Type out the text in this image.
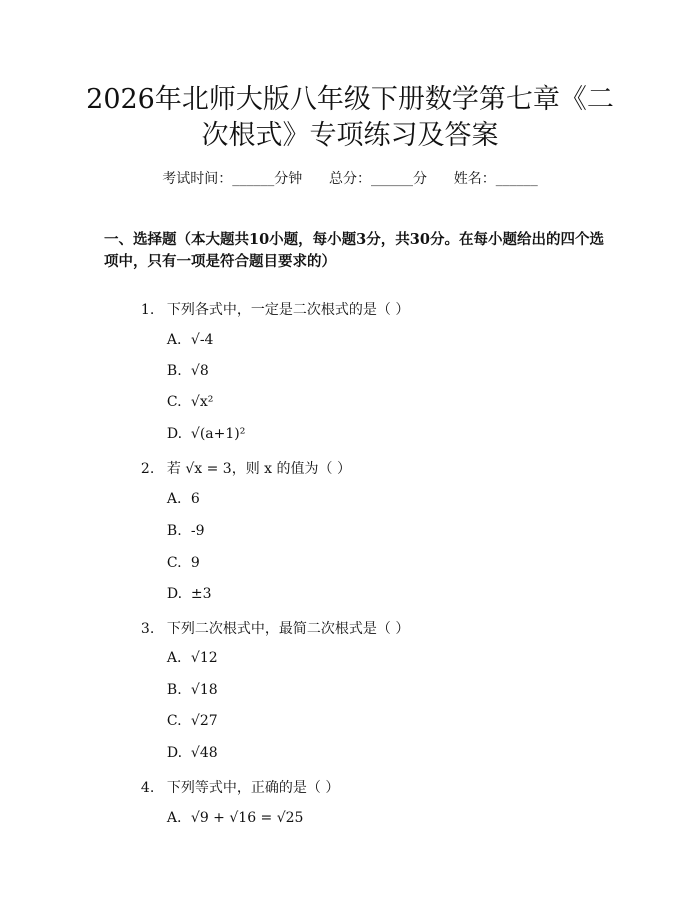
2026年北师大版八年级下册数学第七章《二
次根式》专项练习及答案
考试时间：______分钟      总分：______分      姓名：______
一、选择题（本大题共10小题，每小题3分，共30分。在每小题给出的四个选
项中，只有一项是符合题目要求的）

1. 下列各式中，一定是二次根式的是（ ）

A. √-4

B. √8

C. √x²

D. √(a+1)²

2. 若 √x = 3，则 x 的值为（ ）

A. 6

B. -9

C. 9

D. ±3

3. 下列二次根式中，最简二次根式是（ ）

A. √12

B. √18

C. √27

D. √48

4. 下列等式中，正确的是（ ）

A. √9 + √16 = √25
